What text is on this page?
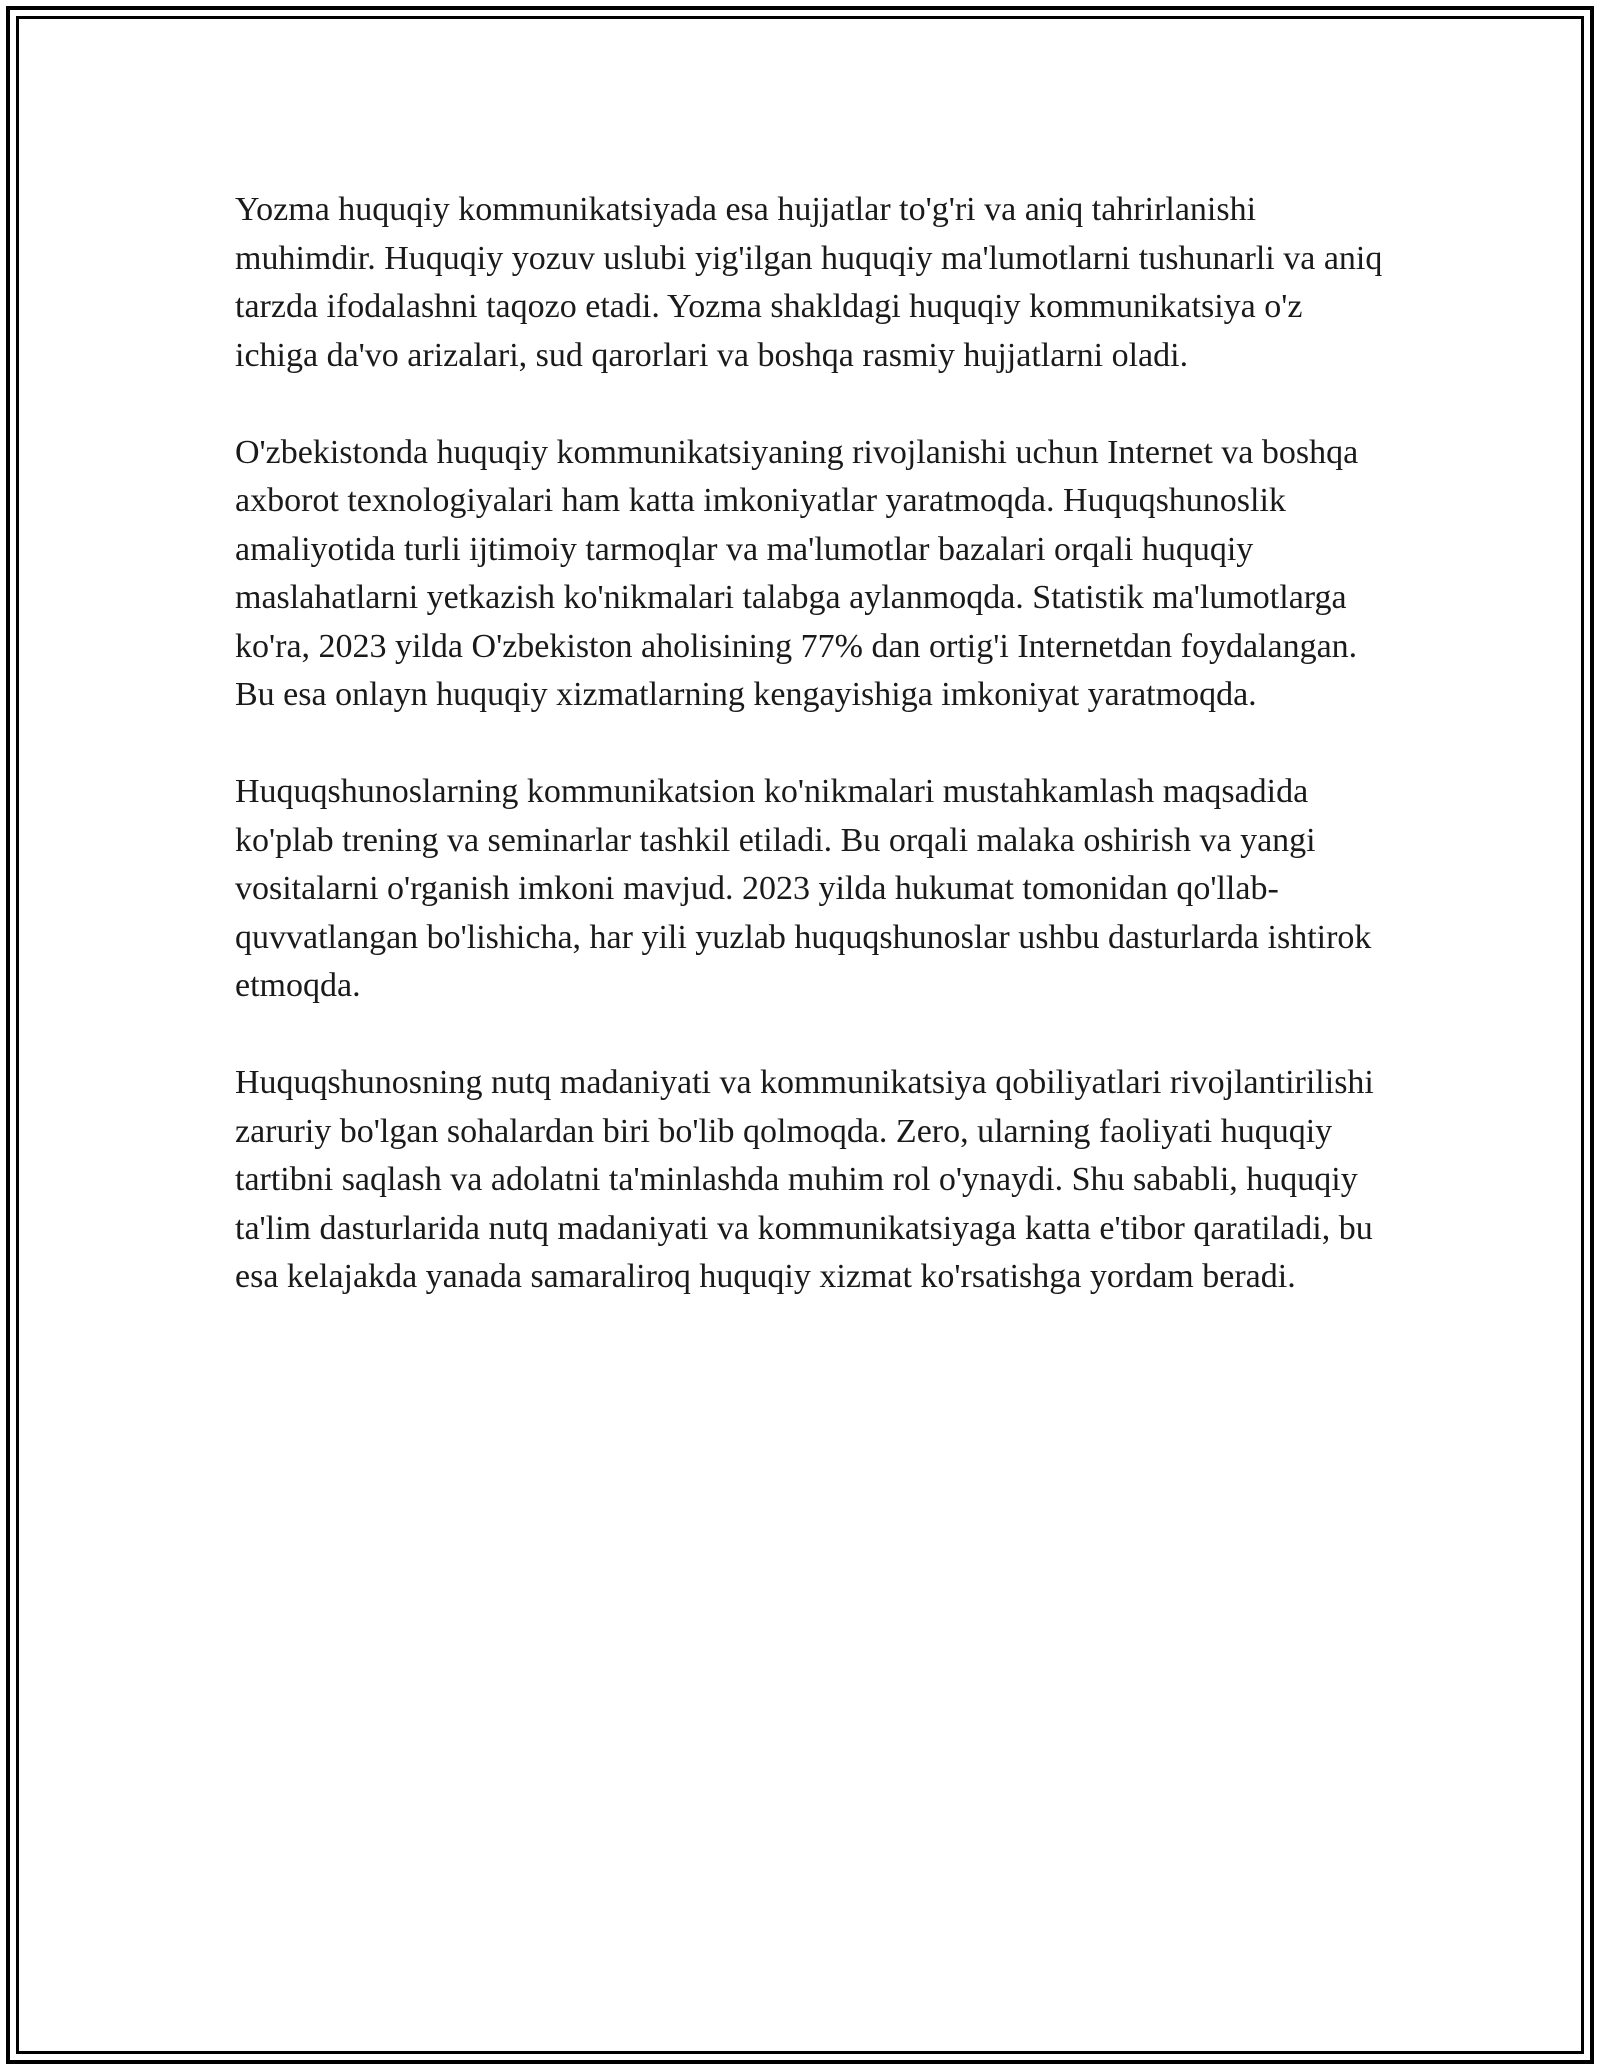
Yozma huquqiy kommunikatsiyada esa hujjatlar to'g'ri va aniq tahrirlanishi muhimdir. Huquqiy yozuv uslubi yig'ilgan huquqiy ma'lumotlarni tushunarli va aniq tarzda ifodalashni taqozo etadi. Yozma shakldagi huquqiy kommunikatsiya o'z ichiga da'vo arizalari, sud qarorlari va boshqa rasmiy hujjatlarni oladi.

O'zbekistonda huquqiy kommunikatsiyaning rivojlanishi uchun Internet va boshqa axborot texnologiyalari ham katta imkoniyatlar yaratmoqda. Huquqshunoslik amaliyotida turli ijtimoiy tarmoqlar va ma'lumotlar bazalari orqali huquqiy maslahatlarni yetkazish ko'nikmalari talabga aylanmoqda. Statistik ma'lumotlarga ko'ra, 2023 yilda O'zbekiston aholisining 77% dan ortig'i Internetdan foydalangan. Bu esa onlayn huquqiy xizmatlarning kengayishiga imkoniyat yaratmoqda.

Huquqshunoslarning kommunikatsion ko'nikmalari mustahkamlash maqsadida ko'plab trening va seminarlar tashkil etiladi. Bu orqali malaka oshirish va yangi vositalarni o'rganish imkoni mavjud. 2023 yilda hukumat tomonidan qo'llab-quvvatlangan bo'lishicha, har yili yuzlab huquqshunoslar ushbu dasturlarda ishtirok etmoqda.

Huquqshunosning nutq madaniyati va kommunikatsiya qobiliyatlari rivojlantirilishi zaruriy bo'lgan sohalardan biri bo'lib qolmoqda. Zero, ularning faoliyati huquqiy tartibni saqlash va adolatni ta'minlashda muhim rol o'ynaydi. Shu sababli, huquqiy ta'lim dasturlarida nutq madaniyati va kommunikatsiyaga katta e'tibor qaratiladi, bu esa kelajakda yanada samaraliroq huquqiy xizmat ko'rsatishga yordam beradi.
